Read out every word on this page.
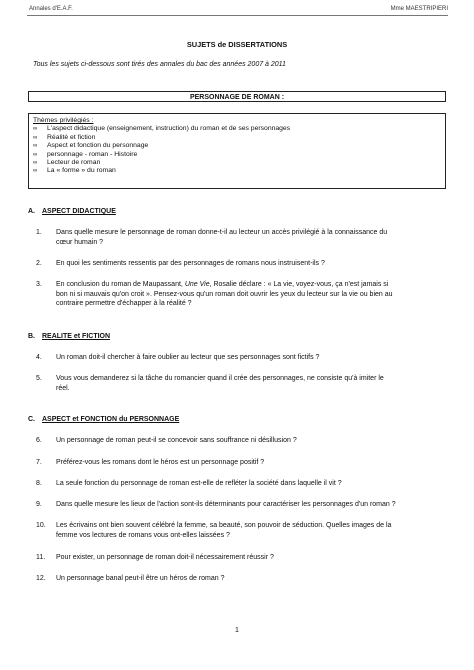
Annales d'E.A.F.	Mme MAESTRIPIERI
SUJETS de DISSERTATIONS
Tous les sujets ci-dessous sont tirés des annales du bac des années 2007 à 2011
PERSONNAGE DE ROMAN :
Thèmes privilégiés :
∞ L'aspect didactique (enseignement, instruction) du roman et de ses personnages
∞ Réalité et fiction
∞ Aspect et fonction du personnage
∞ personnage - roman - Histoire
∞ Lecteur de roman
∞ La « forme » du roman
A. ASPECT DIDACTIQUE
1.	Dans quelle mesure le personnage de roman donne-t-il au lecteur un accès privilégié à la connaissance du
cœur humain ?
2.	En quoi les sentiments ressentis par des personnages de romans nous instruisent-ils ?
3.	En conclusion du roman de Maupassant, Une Vie, Rosalie déclare : « La vie, voyez-vous, ça n'est jamais si
bon ni si mauvais qu'on croit ». Pensez-vous qu'un roman doit ouvrir les yeux du lecteur sur la vie ou bien au
contraire permettre d'échapper à la réalité ?
B. REALITE et FICTION
4.	Un roman doit-il chercher à faire oublier au lecteur que ses personnages sont fictifs ?
5.	Vous vous demanderez si la tâche du romancier quand il crée des personnages, ne consiste qu'à imiter le
réel.
C. ASPECT et FONCTION du PERSONNAGE
6.	Un personnage de roman peut-il se concevoir sans souffrance ni désillusion ?
7.	Préférez-vous les romans dont le héros est un personnage positif ?
8.	La seule fonction du personnage de roman est-elle de refléter la société dans laquelle il vit ?
9.	Dans quelle mesure les lieux de l'action sont-ils déterminants pour caractériser les personnages d'un roman ?
10.	Les écrivains ont bien souvent célébré la femme, sa beauté, son pouvoir de séduction. Quelles images de la
femme vos lectures de romans vous ont-elles laissées ?
11.	Pour exister, un personnage de roman doit-il nécessairement réussir ?
12.	Un personnage banal peut-il être un héros de roman ?
1
